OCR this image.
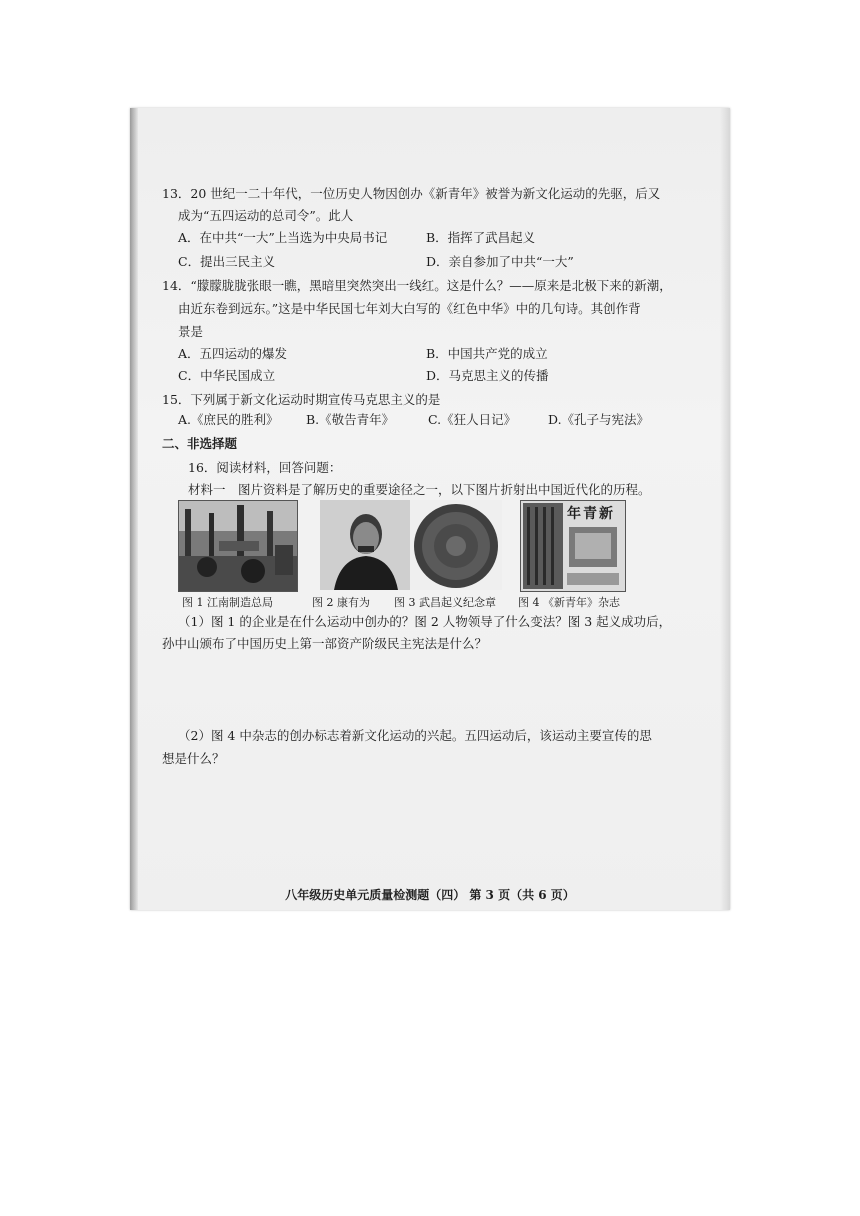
13．20 世纪一二十年代，一位历史人物因创办《新青年》被誉为新文化运动的先驱，后又
成为“五四运动的总司令”。此人
A．在中共“一大”上当选为中央局书记	B．指挥了武昌起义
C．提出三民主义	D．亲自参加了中共“一大”
14．“朦朦胧胧张眼一瞧，黑暗里突然突出一线红。这是什么？——原来是北极下来的新潮，
由近东卷到远东。”这是中华民国七年刘大白写的《红色中华》中的几句诗。其创作背
景是
A．五四运动的爆发	B．中国共产党的成立
C．中华民国成立	D．马克思主义的传播
15．下列属于新文化运动时期宣传马克思主义的是
A.《庶民的胜利》 B.《敬告青年》	C.《狂人日记》	D.《孔子与宪法》
二、非选择题
16．阅读材料，回答问题：
材料一　图片资料是了解历史的重要途径之一，以下图片折射出中国近代化的历程。
年青新
图 1 江南制造总局	图 2 康有为 图 3 武昌起义纪念章 图 4 《新青年》杂志
（1）图 1 的企业是在什么运动中创办的？图 2 人物领导了什么变法？图 3 起义成功后，
孙中山颁布了中国历史上第一部资产阶级民主宪法是什么？
（2）图 4 中杂志的创办标志着新文化运动的兴起。五四运动后，该运动主要宣传的思
想是什么？
八年级历史单元质量检测题（四） 第 3 页（共 6 页）
